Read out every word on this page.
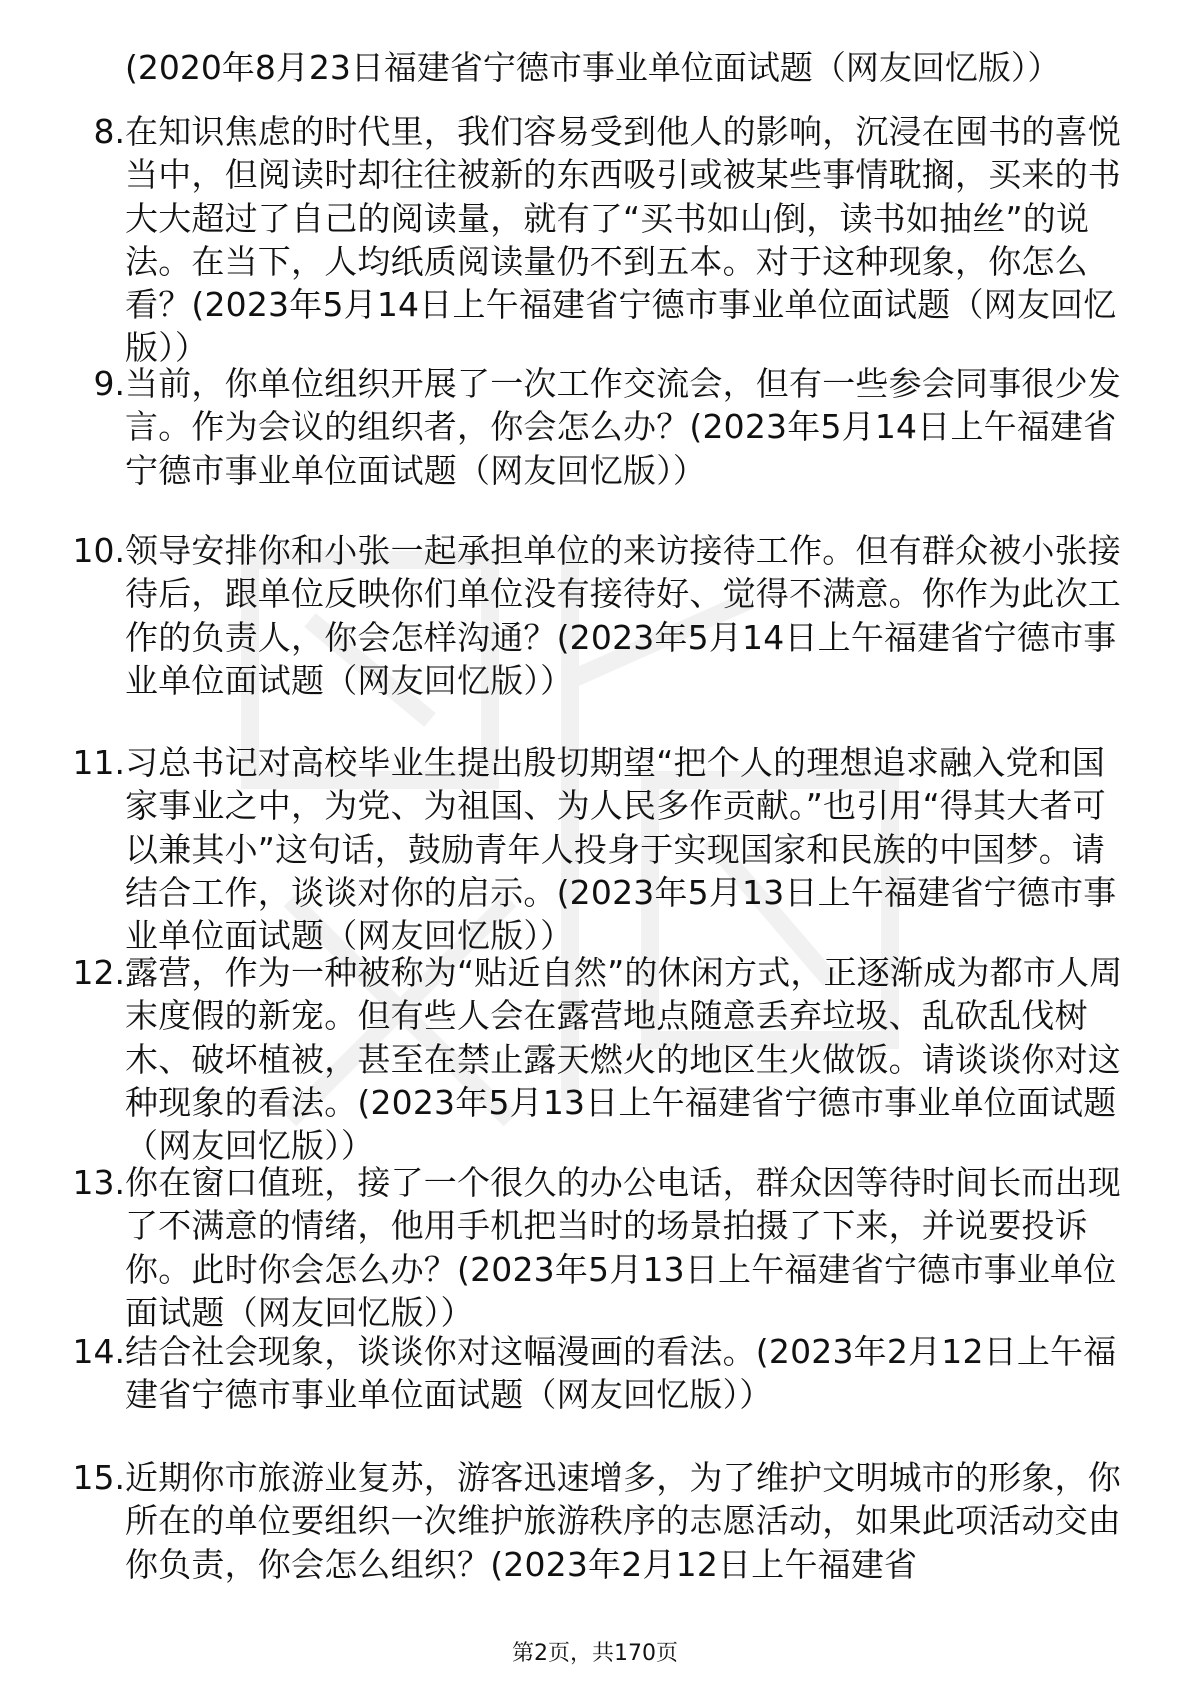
(2020年8月23日福建省宁德市事业单位面试题（网友回忆版））
8. 在知识焦虑的时代里，我们容易受到他人的影响，沉浸在囤书的喜悦当中，但阅读时却往往被新的东西吸引或被某些事情耽搁，买来的书大大超过了自己的阅读量，就有了“买书如山倒，读书如抽丝”的说法。在当下，人均纸质阅读量仍不到五本。对于这种现象，你怎么看？(2023年5月14日上午福建省宁德市事业单位面试题（网友回忆版））
9. 当前，你单位组织开展了一次工作交流会，但有一些参会同事很少发言。作为会议的组织者，你会怎么办？(2023年5月14日上午福建省宁德市事业单位面试题（网友回忆版））
10. 领导安排你和小张一起承担单位的来访接待工作。但有群众被小张接待后，跟单位反映你们单位没有接待好、觉得不满意。你作为此次工作的负责人，你会怎样沟通？(2023年5月14日上午福建省宁德市事业单位面试题（网友回忆版））
11. 习总书记对高校毕业生提出殷切期望“把个人的理想追求融入党和国家事业之中，为党、为祖国、为人民多作贡献。”也引用“得其大者可以兼其小”这句话，鼓励青年人投身于实现国家和民族的中国梦。请结合工作，谈谈对你的启示。(2023年5月13日上午福建省宁德市事业单位面试题（网友回忆版））
12. 露营，作为一种被称为“贴近自然”的休闲方式，正逐渐成为都市人周末度假的新宠。但有些人会在露营地点随意丢弃垃圾、乱砍乱伐树木、破坏植被，甚至在禁止露天燃火的地区生火做饭。请谈谈你对这种现象的看法。(2023年5月13日上午福建省宁德市事业单位面试题（网友回忆版））
13. 你在窗口值班，接了一个很久的办公电话，群众因等待时间长而出现了不满意的情绪，他用手机把当时的场景拍摄了下来，并说要投诉你。此时你会怎么办？(2023年5月13日上午福建省宁德市事业单位面试题（网友回忆版））
14. 结合社会现象，谈谈你对这幅漫画的看法。(2023年2月12日上午福建省宁德市事业单位面试题（网友回忆版））
15. 近期你市旅游业复苏，游客迅速增多，为了维护文明城市的形象，你所在的单位要组织一次维护旅游秩序的志愿活动，如果此项活动交由你负责，你会怎么组织？(2023年2月12日上午福建省
第2页，共170页
